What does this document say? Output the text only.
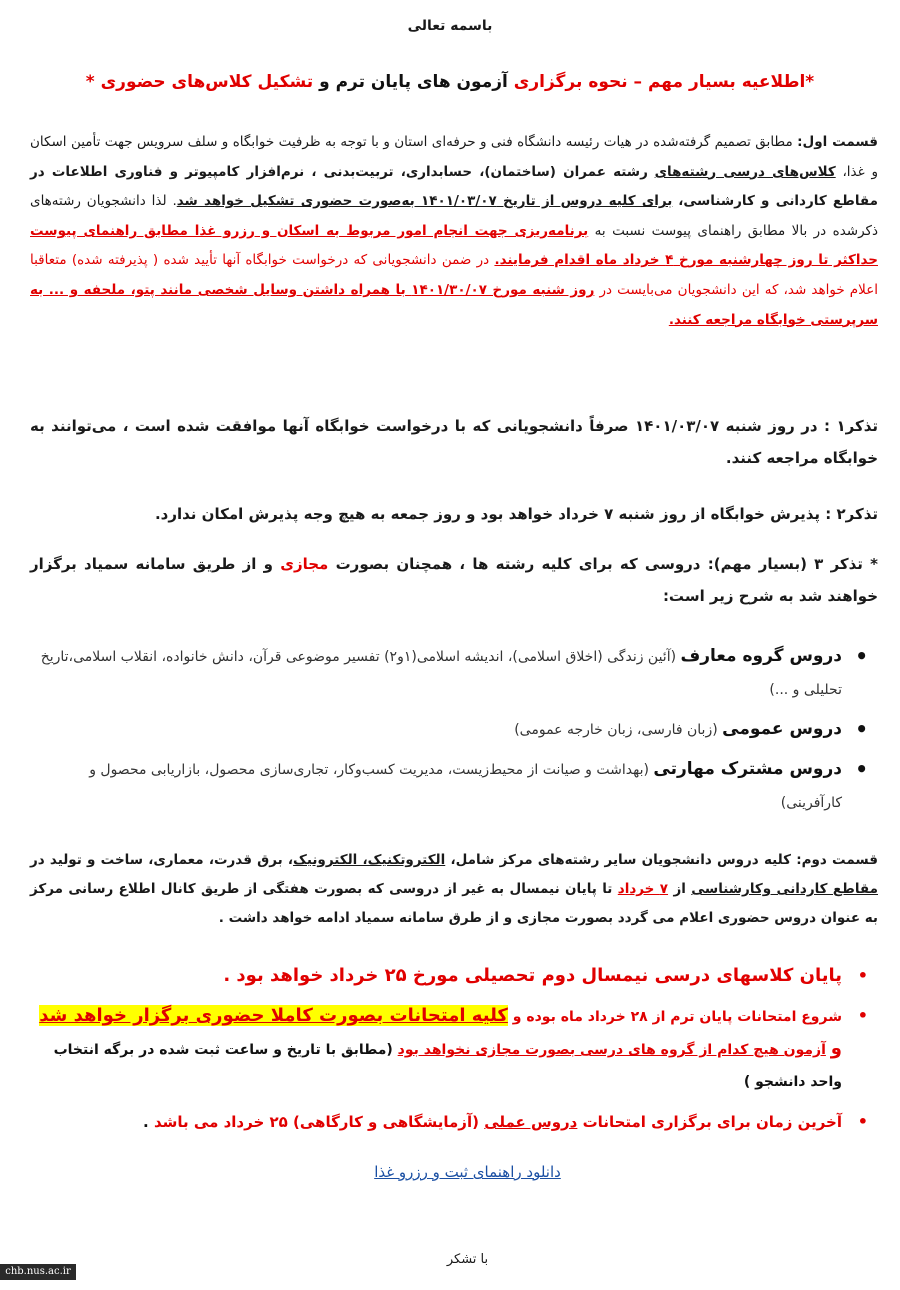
باسمه تعالی
*اطلاعیه بسیار مهم – نحوه برگزاری آزمون های پایان ترم و تشکیل کلاس‌های حضوری *
قسمت اول: مطابق تصمیم گرفته‌شده در هیات رئیسه دانشگاه فنی و حرفه‌ای استان و با توجه به ظرفیت خوابگاه و سلف سرویس جهت تأمین اسکان و غذا، کلاس‌های درسی رشته‌های رشته عمران (ساختمان)، حسابداری، تربیت‌بدنی ، نرم‌افزار کامپیوتر و فناوری اطلاعات در مقاطع کاردانی و کارشناسی، برای کلیه دروس از تاریخ ۱۴۰۱/۰۳/۰۷ به‌صورت حضوری تشکیل خواهد شد. لذا دانشجویان رشته‌های ذکرشده در بالا مطابق راهنمای پیوست نسبت به برنامه‌ریزی جهت انجام امور مربوط به اسکان و رزرو غذا مطابق راهنمای پیوست حداکثر تا روز چهارشنبه مورخ ۴ خرداد ماه اقدام فرمایند. در ضمن دانشجویانی که درخواست خوابگاه آنها تأیید شده ( پذیرفته شده) متعاقبا اعلام خواهد شد، که این دانشجویان می‌بایست در روز شنبه مورخ ۱۴۰۱/۳۰/۰۷ با همراه داشتن وسایل شخصی مانند پتو، ملحفه و ... به سرپرستی خوابگاه مراجعه کنند.
تذکر۱ : در روز شنبه ۱۴۰۱/۰۳/۰۷ صرفاً دانشجویانی که با درخواست خوابگاه آنها موافقت شده است ، می‌توانند به خوابگاه مراجعه کنند.
تذکر۲ : پذیرش خوابگاه از روز شنبه ۷ خرداد خواهد بود و روز جمعه به هیچ وجه پذیرش امکان ندارد.
* تذکر ۳ (بسیار مهم): دروسی که برای کلیه رشته ها ، همچنان بصورت مجازی و از طریق سامانه سمیاد برگزار خواهند شد به شرح زیر است:
• دروس گروه معارف (آئین زندگی (اخلاق اسلامی)، اندیشه اسلامی(۱و۲) تفسیر موضوعی قرآن، دانش خانواده، انقلاب اسلامی،تاریخ تحلیلی و ...)
• دروس عمومی (زبان فارسی، زبان خارجه عمومی)
• دروس مشترک مهارتی (بهداشت و صیانت از محیط‌زیست، مدیریت کسب‌وکار، تجاری‌سازی محصول، بازاریابی محصول و کارآفرینی)
قسمت دوم: کلیه دروس دانشجویان سایر رشته‌های مرکز شامل، الکتروتکنیک، الکترونیک، برق قدرت، معماری، ساخت و تولید در مقاطع کاردانی وکارشناسی از ۷ خرداد تا پایان نیمسال به غیر از دروسی که بصورت هفتگی از طریق کانال اطلاع رسانی مرکز به عنوان دروس حضوری اعلام می گردد بصورت مجازی و از طرق سامانه سمیاد ادامه خواهد داشت .
• پایان کلاسهای درسی نیمسال دوم تحصیلی مورخ ۲۵ خرداد خواهد بود .
• شروع امتحانات پایان ترم از ۲۸ خرداد ماه بوده و کلیه امتحانات بصورت کاملا حضوری برگزار خواهد شد و آزمون هیچ کدام از گروه های درسی بصورت مجازی نخواهد بود (مطابق با تاریخ و ساعت ثبت شده در برگه انتخاب واحد دانشجو )
• آخرین زمان برای برگزاری امتحانات دروس عملی (آزمایشگاهی و کارگاهی) ۲۵ خرداد می باشد .
دانلود راهنمای ثبت و رزرو غذا
با تشکر
chb.nus.ac.ir
